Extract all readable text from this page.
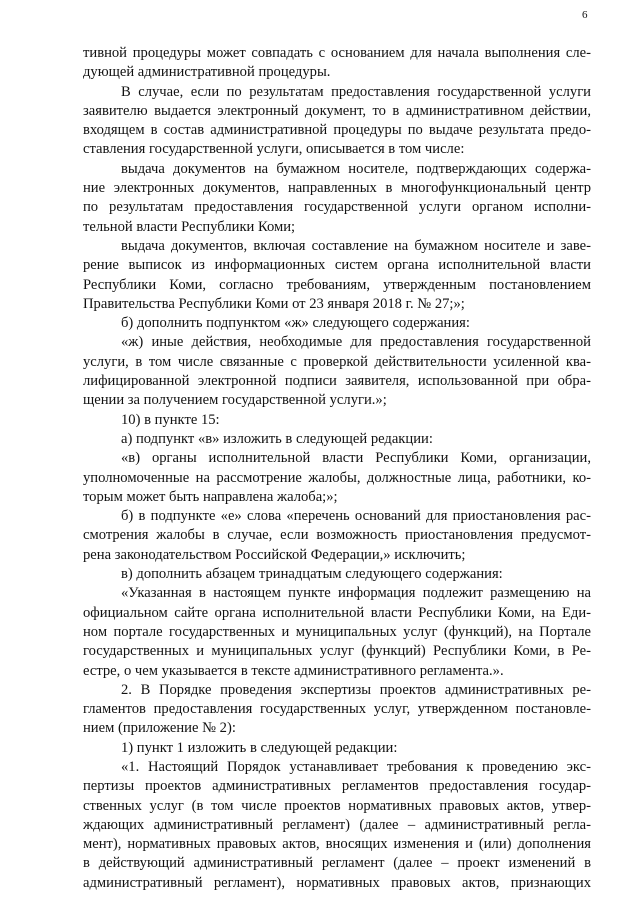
6
тивной процедуры может совпадать с основанием для начала выполнения сле-
дующей административной процедуры.
В случае, если по результатам предоставления государственной услуги
заявителю выдается электронный документ, то в административном действии,
входящем в состав административной процедуры по выдаче результата предо-
ставления государственной услуги, описывается в том числе:
выдача документов на бумажном носителе, подтверждающих содержа-
ние электронных документов, направленных в многофункциональный центр
по результатам предоставления государственной услуги органом исполни-
тельной власти Республики Коми;
выдача документов, включая составление на бумажном носителе и заве-
рение выписок из информационных систем органа исполнительной власти
Республики Коми, согласно требованиям, утвержденным постановлением
Правительства Республики Коми от 23 января 2018 г. № 27;»;
б) дополнить подпунктом «ж» следующего содержания:
«ж) иные действия, необходимые для предоставления государственной
услуги, в том числе связанные с проверкой действительности усиленной ква-
лифицированной электронной подписи заявителя, использованной при обра-
щении за получением государственной услуги.»;
10) в пункте 15:
а) подпункт «в» изложить в следующей редакции:
«в) органы исполнительной власти Республики Коми, организации,
уполномоченные на рассмотрение жалобы, должностные лица, работники, ко-
торым может быть направлена жалоба;»;
б) в подпункте «е» слова «перечень оснований для приостановления рас-
смотрения жалобы в случае, если возможность приостановления предусмот-
рена законодательством Российской Федерации,» исключить;
в) дополнить абзацем тринадцатым следующего содержания:
«Указанная в настоящем пункте информация подлежит размещению на
официальном сайте органа исполнительной власти Республики Коми, на Еди-
ном портале государственных и муниципальных услуг (функций), на Портале
государственных и муниципальных услуг (функций) Республики Коми, в Ре-
естре, о чем указывается в тексте административного регламента.».
2. В Порядке проведения экспертизы проектов административных ре-
гламентов предоставления государственных услуг, утвержденном постановле-
нием (приложение № 2):
1) пункт 1 изложить в следующей редакции:
«1. Настоящий Порядок устанавливает требования к проведению экс-
пертизы проектов административных регламентов предоставления государ-
ственных услуг (в том числе проектов нормативных правовых актов, утвер-
ждающих административный регламент) (далее – административный регла-
мент), нормативных правовых актов, вносящих изменения и (или) дополнения
в действующий административный регламент (далее – проект изменений в
административный регламент), нормативных правовых актов, признающих
